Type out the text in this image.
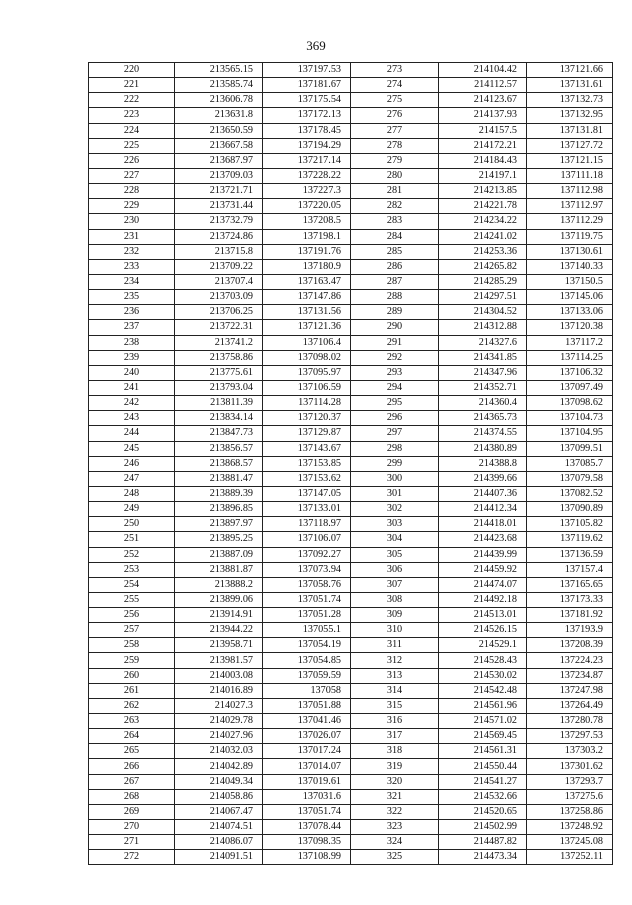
369
220	213565.15	137197.53	273	214104.42	137121.66
221	213585.74	137181.67	274	214112.57	137131.61
222	213606.78	137175.54	275	214123.67	137132.73
223	213631.8	137172.13	276	214137.93	137132.95
224	213650.59	137178.45	277	214157.5	137131.81
225	213667.58	137194.29	278	214172.21	137127.72
226	213687.97	137217.14	279	214184.43	137121.15
227	213709.03	137228.22	280	214197.1	137111.18
228	213721.71	137227.3	281	214213.85	137112.98
229	213731.44	137220.05	282	214221.78	137112.97
230	213732.79	137208.5	283	214234.22	137112.29
231	213724.86	137198.1	284	214241.02	137119.75
232	213715.8	137191.76	285	214253.36	137130.61
233	213709.22	137180.9	286	214265.82	137140.33
234	213707.4	137163.47	287	214285.29	137150.5
235	213703.09	137147.86	288	214297.51	137145.06
236	213706.25	137131.56	289	214304.52	137133.06
237	213722.31	137121.36	290	214312.88	137120.38
238	213741.2	137106.4	291	214327.6	137117.2
239	213758.86	137098.02	292	214341.85	137114.25
240	213775.61	137095.97	293	214347.96	137106.32
241	213793.04	137106.59	294	214352.71	137097.49
242	213811.39	137114.28	295	214360.4	137098.62
243	213834.14	137120.37	296	214365.73	137104.73
244	213847.73	137129.87	297	214374.55	137104.95
245	213856.57	137143.67	298	214380.89	137099.51
246	213868.57	137153.85	299	214388.8	137085.7
247	213881.47	137153.62	300	214399.66	137079.58
248	213889.39	137147.05	301	214407.36	137082.52
249	213896.85	137133.01	302	214412.34	137090.89
250	213897.97	137118.97	303	214418.01	137105.82
251	213895.25	137106.07	304	214423.68	137119.62
252	213887.09	137092.27	305	214439.99	137136.59
253	213881.87	137073.94	306	214459.92	137157.4
254	213888.2	137058.76	307	214474.07	137165.65
255	213899.06	137051.74	308	214492.18	137173.33
256	213914.91	137051.28	309	214513.01	137181.92
257	213944.22	137055.1	310	214526.15	137193.9
258	213958.71	137054.19	311	214529.1	137208.39
259	213981.57	137054.85	312	214528.43	137224.23
260	214003.08	137059.59	313	214530.02	137234.87
261	214016.89	137058	314	214542.48	137247.98
262	214027.3	137051.88	315	214561.96	137264.49
263	214029.78	137041.46	316	214571.02	137280.78
264	214027.96	137026.07	317	214569.45	137297.53
265	214032.03	137017.24	318	214561.31	137303.2
266	214042.89	137014.07	319	214550.44	137301.62
267	214049.34	137019.61	320	214541.27	137293.7
268	214058.86	137031.6	321	214532.66	137275.6
269	214067.47	137051.74	322	214520.65	137258.86
270	214074.51	137078.44	323	214502.99	137248.92
271	214086.07	137098.35	324	214487.82	137245.08
272	214091.51	137108.99	325	214473.34	137252.11
